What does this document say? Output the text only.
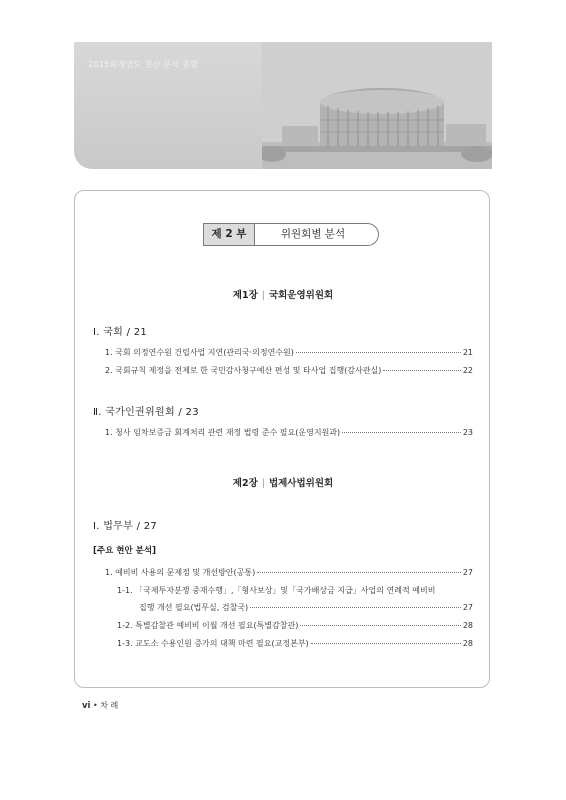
2015회계연도 결산 분석 종합
제 2 부	위원회별 분석
제1장 | 국회운영위원회
Ⅰ. 국회 / 21
1. 국회 의정연수원 건립사업 지연(관리국·의정연수원)	21
2. 국회규칙 제정을 전제로 한 국민감사청구예산 편성 및 타사업 집행(감사관실)	22
Ⅱ. 국가인권위원회 / 23
1. 청사 임차보증금 회계처리 관련 재정 법령 준수 필요(운영지원과)	23
제2장 | 법제사법위원회
Ⅰ. 법무부 / 27
[주요 현안 분석]
1. 예비비 사용의 문제점 및 개선방안(공통)	27
1-1. 「국제투자분쟁 중재수행」,「형사보상」및「국가배상금 지급」사업의 연례적 예비비
집행 개선 필요(법무실, 검찰국)	27
1-2. 특별감찰관 예비비 이월 개선 필요(특별감찰관)	28
1-3. 교도소 수용인원 증가의 대책 마련 필요(교정본부)	28
vi • 차 례
